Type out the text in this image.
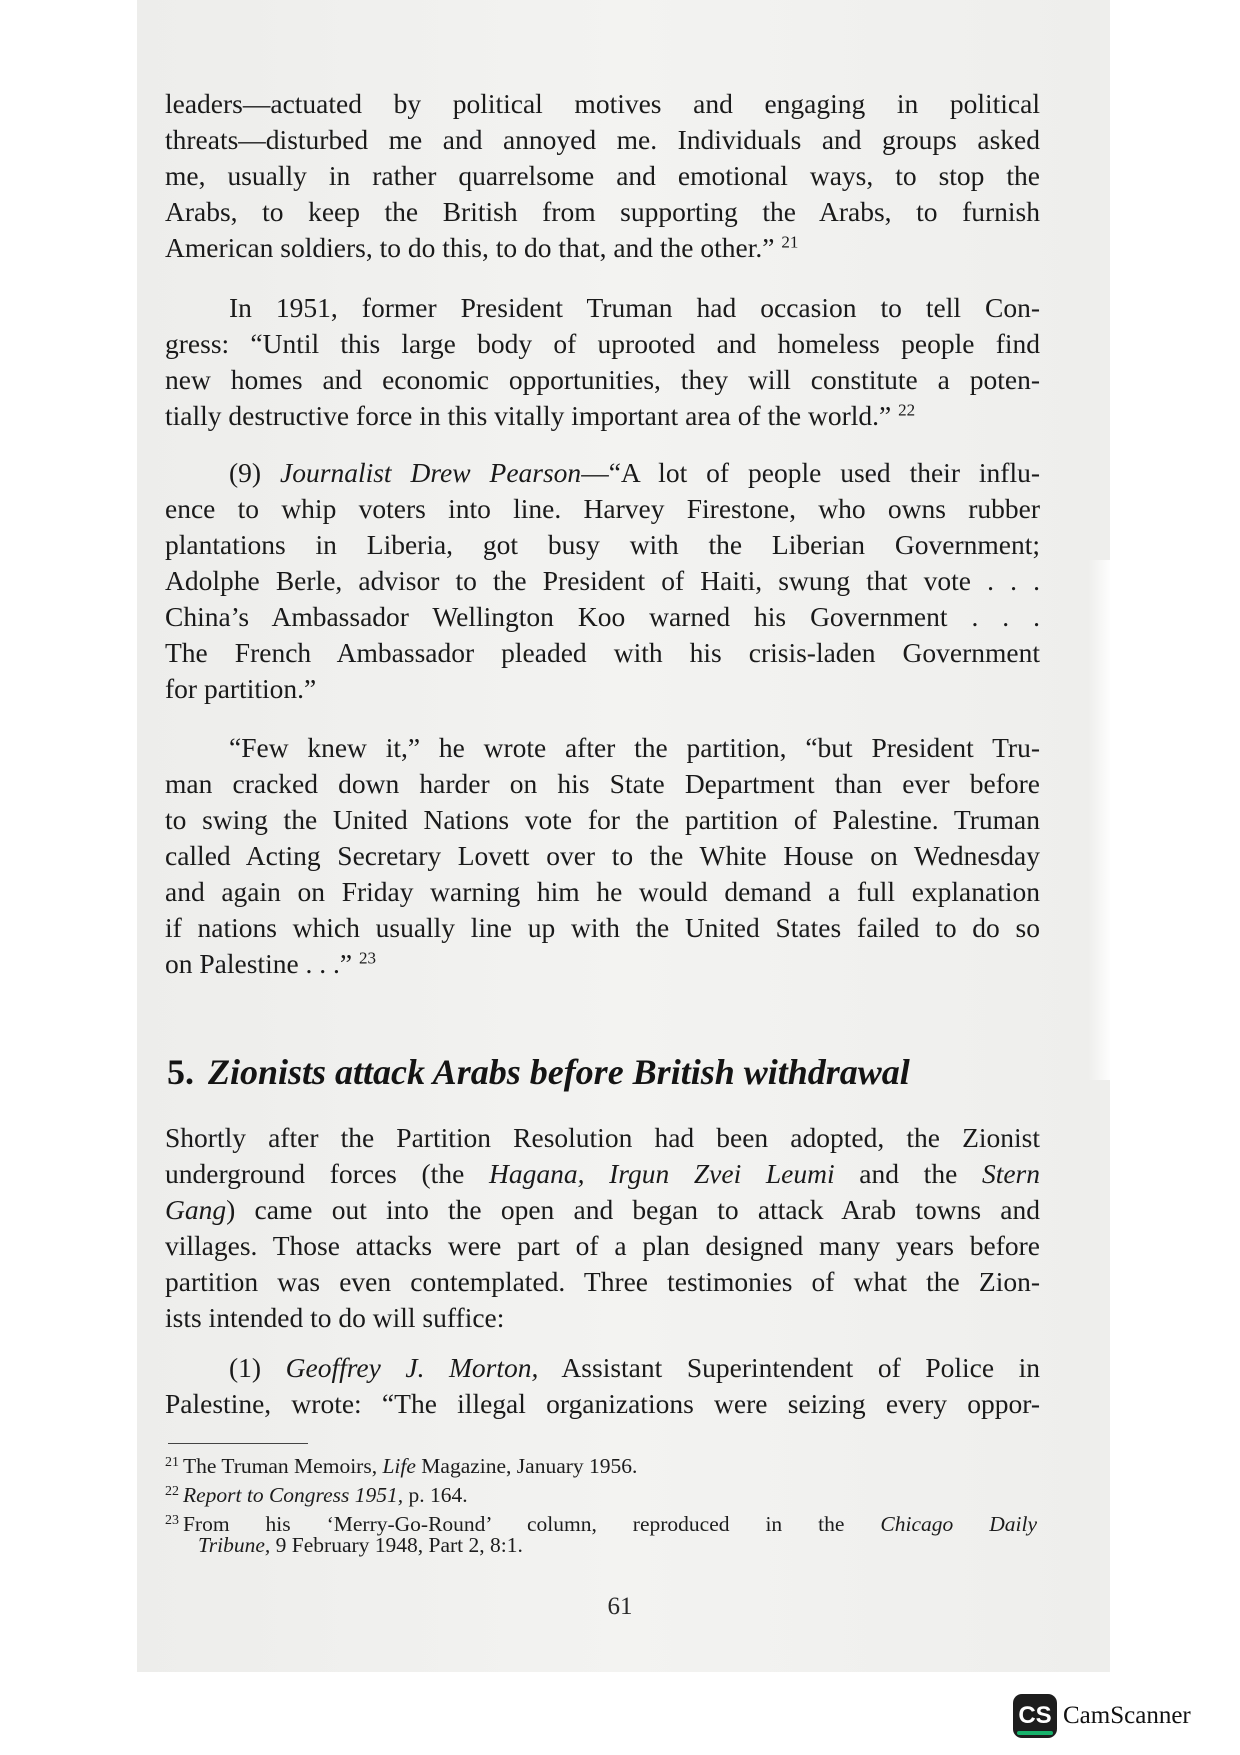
leaders—actuated by political motives and engaging in political
threats—disturbed me and annoyed me. Individuals and groups asked
me, usually in rather quarrelsome and emotional ways, to stop the
Arabs, to keep the British from supporting the Arabs, to furnish
American soldiers, to do this, to do that, and the other.” $^{21}$
In 1951, former President Truman had occasion to tell Con-
gress: “Until this large body of uprooted and homeless people find
new homes and economic opportunities, they will constitute a poten-
tially destructive force in this vitally important area of the world.” $^{22}$
(9) Journalist Drew Pearson—“A lot of people used their influ-
ence to whip voters into line. Harvey Firestone, who owns rubber
plantations in Liberia, got busy with the Liberian Government;
Adolphe Berle, advisor to the President of Haiti, swung that vote . . .
China’s Ambassador Wellington Koo warned his Government . . .
The French Ambassador pleaded with his crisis-laden Government
for partition.”
“Few knew it,” he wrote after the partition, “but President Tru-
man cracked down harder on his State Department than ever before
to swing the United Nations vote for the partition of Palestine. Truman
called Acting Secretary Lovett over to the White House on Wednesday
and again on Friday warning him he would demand a full explanation
if nations which usually line up with the United States failed to do so
on Palestine . . .” $^{23}$
5. Zionists attack Arabs before British withdrawal
Shortly after the Partition Resolution had been adopted, the Zionist
underground forces (the Hagana, Irgun Zvei Leumi and the Stern
Gang) came out into the open and began to attack Arab towns and
villages. Those attacks were part of a plan designed many years before
partition was even contemplated. Three testimonies of what the Zion-
ists intended to do will suffice:
(1) Geoffrey J. Morton, Assistant Superintendent of Police in
Palestine, wrote: “The illegal organizations were seizing every oppor-
$^{21}$ The Truman Memoirs, Life Magazine, January 1956.
$^{22}$ Report to Congress 1951, p. 164.
$^{23}$ From his ‘Merry-Go-Round’ column, reproduced in the Chicago Daily
Tribune, 9 February 1948, Part 2, 8:1.
61
CS CamScanner
